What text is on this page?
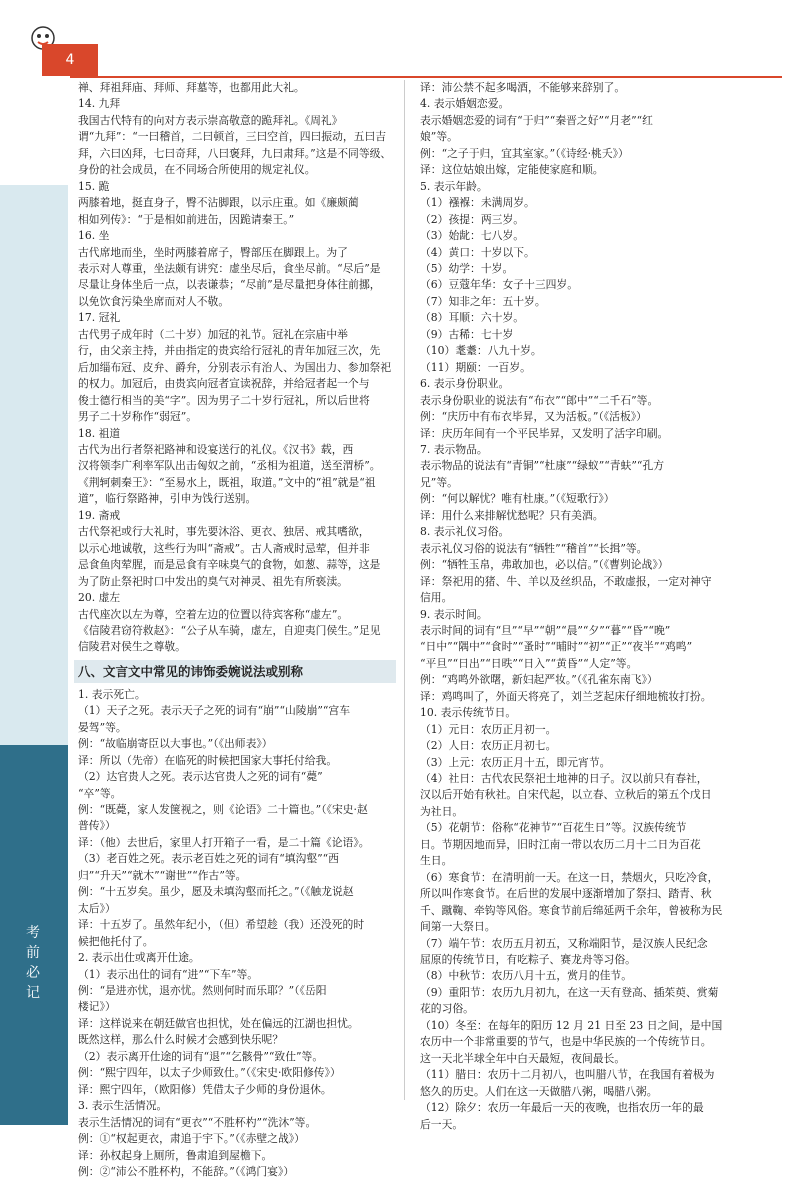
考前必记
4
禅、拜祖拜庙、拜师、拜墓等，也都用此大礼。
14. 九拜
我国古代特有的向对方表示崇高敬意的跪拜礼。《周礼》
谓“九拜”：“一曰稽首，二曰顿首，三曰空首，四曰振动，五曰吉
拜，六曰凶拜，七曰奇拜，八曰褒拜，九曰肃拜。”这是不同等级、
身份的社会成员，在不同场合所使用的规定礼仪。
15. 跪
两膝着地，挺直身子，臀不沾脚跟，以示庄重。如《廉颇蔺
相如列传》：“于是相如前进缶，因跪请秦王。”
16. 坐
古代席地而坐，坐时两膝着席子，臀部压在脚跟上。为了
表示对人尊重，坐法颇有讲究：虚坐尽后，食坐尽前。“尽后”是
尽量让身体坐后一点，以表谦恭；“尽前”是尽量把身体往前挪，
以免饮食污染坐席而对人不敬。
17. 冠礼
古代男子成年时（二十岁）加冠的礼节。冠礼在宗庙中举
行，由父亲主持，并由指定的贵宾给行冠礼的青年加冠三次，先
后加缁布冠、皮弁、爵弁，分别表示有治人、为国出力、参加祭祀
的权力。加冠后，由贵宾向冠者宣读祝辞，并给冠者起一个与
俊士德行相当的美“字”。因为男子二十岁行冠礼，所以后世将
男子二十岁称作“弱冠”。
18. 祖道
古代为出行者祭祀路神和设宴送行的礼仪。《汉书》载，西
汉将领李广利率军队出击匈奴之前，“丞相为祖道，送至渭桥”。
《荆轲刺秦王》：“至易水上，既祖，取道。”文中的“祖”就是“祖
道”，临行祭路神，引申为饯行送别。
19. 斋戒
古代祭祀或行大礼时，事先要沐浴、更衣、独居、戒其嗜欲，
以示心地诚敬，这些行为叫“斋戒”。古人斋戒时忌荤，但并非
忌食鱼肉荤腥，而是忌食有辛味臭气的食物，如葱、蒜等，这是
为了防止祭祀时口中发出的臭气对神灵、祖先有所亵渎。
20. 虚左
古代座次以左为尊，空着左边的位置以待宾客称“虚左”。
《信陵君窃符救赵》：“公子从车骑，虚左，自迎夷门侯生。”足见
信陵君对侯生之尊敬。
八、文言文中常见的讳饰委婉说法或别称
1. 表示死亡。
（1）天子之死。表示天子之死的词有“崩”“山陵崩”“宫车
晏驾”等。
例：“故临崩寄臣以大事也。”（《出师表》）
译：所以（先帝）在临死的时候把国家大事托付给我。
（2）达官贵人之死。表示达官贵人之死的词有“薨”
“卒”等。
例：“既薨，家人发箧视之，则《论语》二十篇也。”（《宋史·赵
普传》）
译：（他）去世后，家里人打开箱子一看，是二十篇《论语》。
（3）老百姓之死。表示老百姓之死的词有“填沟壑”“西
归”“升天”“就木”“谢世”“作古”等。
例：“十五岁矣。虽少，愿及未填沟壑而托之。”（《触龙说赵
太后》）
译：十五岁了。虽然年纪小，（但）希望趁（我）还没死的时
候把他托付了。
2. 表示出仕或离开仕途。
（1）表示出仕的词有“进”“下车”等。
例：“是进亦忧，退亦忧。然则何时而乐耶？”（《岳阳
楼记》）
译：这样说来在朝廷做官也担忧，处在偏远的江湖也担忧。
既然这样，那么什么时候才会感到快乐呢？
（2）表示离开仕途的词有“退”“乞骸骨”“致仕”等。
例：“熙宁四年，以太子少师致仕。”（《宋史·欧阳修传》）
译：熙宁四年，（欧阳修）凭借太子少师的身份退休。
3. 表示生活情况。
表示生活情况的词有“更衣”“不胜杯杓”“洗沐”等。
例：①“权起更衣，肃追于宇下。”（《赤壁之战》）
译：孙权起身上厕所，鲁肃追到屋檐下。
例：②“沛公不胜杯杓，不能辞。”（《鸿门宴》）
译：沛公禁不起多喝酒，不能够来辞别了。
4. 表示婚姻恋爱。
表示婚姻恋爱的词有“于归”“秦晋之好”“月老”“红
娘”等。
例：“之子于归，宜其室家。”（《诗经·桃夭》）
译：这位姑娘出嫁，定能使家庭和顺。
5. 表示年龄。
（1）襁褓：未满周岁。
（2）孩提：两三岁。
（3）始龀：七八岁。
（4）黄口：十岁以下。
（5）幼学：十岁。
（6）豆蔻年华：女子十三四岁。
（7）知非之年：五十岁。
（8）耳顺：六十岁。
（9）古稀：七十岁
（10）耄耋：八九十岁。
（11）期颐：一百岁。
6. 表示身份职业。
表示身份职业的说法有“布衣”“郎中”“二千石”等。
例：“庆历中有布衣毕昇，又为活板。”（《活板》）
译：庆历年间有一个平民毕昇，又发明了活字印刷。
7. 表示物品。
表示物品的说法有“青铜”“杜康”“绿蚁”“青蚨”“孔方
兄”等。
例：“何以解忧？唯有杜康。”（《短歌行》）
译：用什么来排解忧愁呢？只有美酒。
8. 表示礼仪习俗。
表示礼仪习俗的说法有“牺牲”“稽首”“长揖”等。
例：“牺牲玉帛，弗敢加也，必以信。”（《曹刿论战》）
译：祭祀用的猪、牛、羊以及丝织品，不敢虚报，一定对神守
信用。
9. 表示时间。
表示时间的词有“旦”“早”“朝”“晨”“夕”“暮”“昏”“晚”
“日中”“隅中”“食时”“蚤时”“晡时”“初”“正”“夜半”“鸡鸣”
“平旦”“日出”“日昳”“日入”“黄昏”“人定”等。
例：“鸡鸣外欲曙，新妇起严妆。”（《孔雀东南飞》）
译：鸡鸣叫了，外面天将亮了，刘兰芝起床仔细地梳妆打扮。
10. 表示传统节日。
（1）元日：农历正月初一。
（2）人日：农历正月初七。
（3）上元：农历正月十五，即元宵节。
（4）社日：古代农民祭祀土地神的日子。汉以前只有春社，
汉以后开始有秋社。自宋代起，以立春、立秋后的第五个戊日
为社日。
（5）花朝节：俗称“花神节”“百花生日”等。汉族传统节
日。节期因地而异，旧时江南一带以农历二月十二日为百花
生日。
（6）寒食节：在清明前一天。在这一日，禁烟火，只吃冷食，
所以叫作寒食节。在后世的发展中逐渐增加了祭扫、踏青、秋
千、蹴鞠、牵钩等风俗。寒食节前后绵延两千余年，曾被称为民
间第一大祭日。
（7）端午节：农历五月初五，又称端阳节，是汉族人民纪念
屈原的传统节日，有吃粽子、赛龙舟等习俗。
（8）中秋节：农历八月十五，赏月的佳节。
（9）重阳节：农历九月初九，在这一天有登高、插茱萸、赏菊
花的习俗。
（10）冬至：在每年的阳历 12 月 21 日至 23 日之间，是中国
农历中一个非常重要的节气，也是中华民族的一个传统节日。
这一天北半球全年中白天最短，夜间最长。
（11）腊日：农历十二月初八，也叫腊八节，在我国有着极为
悠久的历史。人们在这一天做腊八粥，喝腊八粥。
（12）除夕：农历一年最后一天的夜晚，也指农历一年的最
后一天。
